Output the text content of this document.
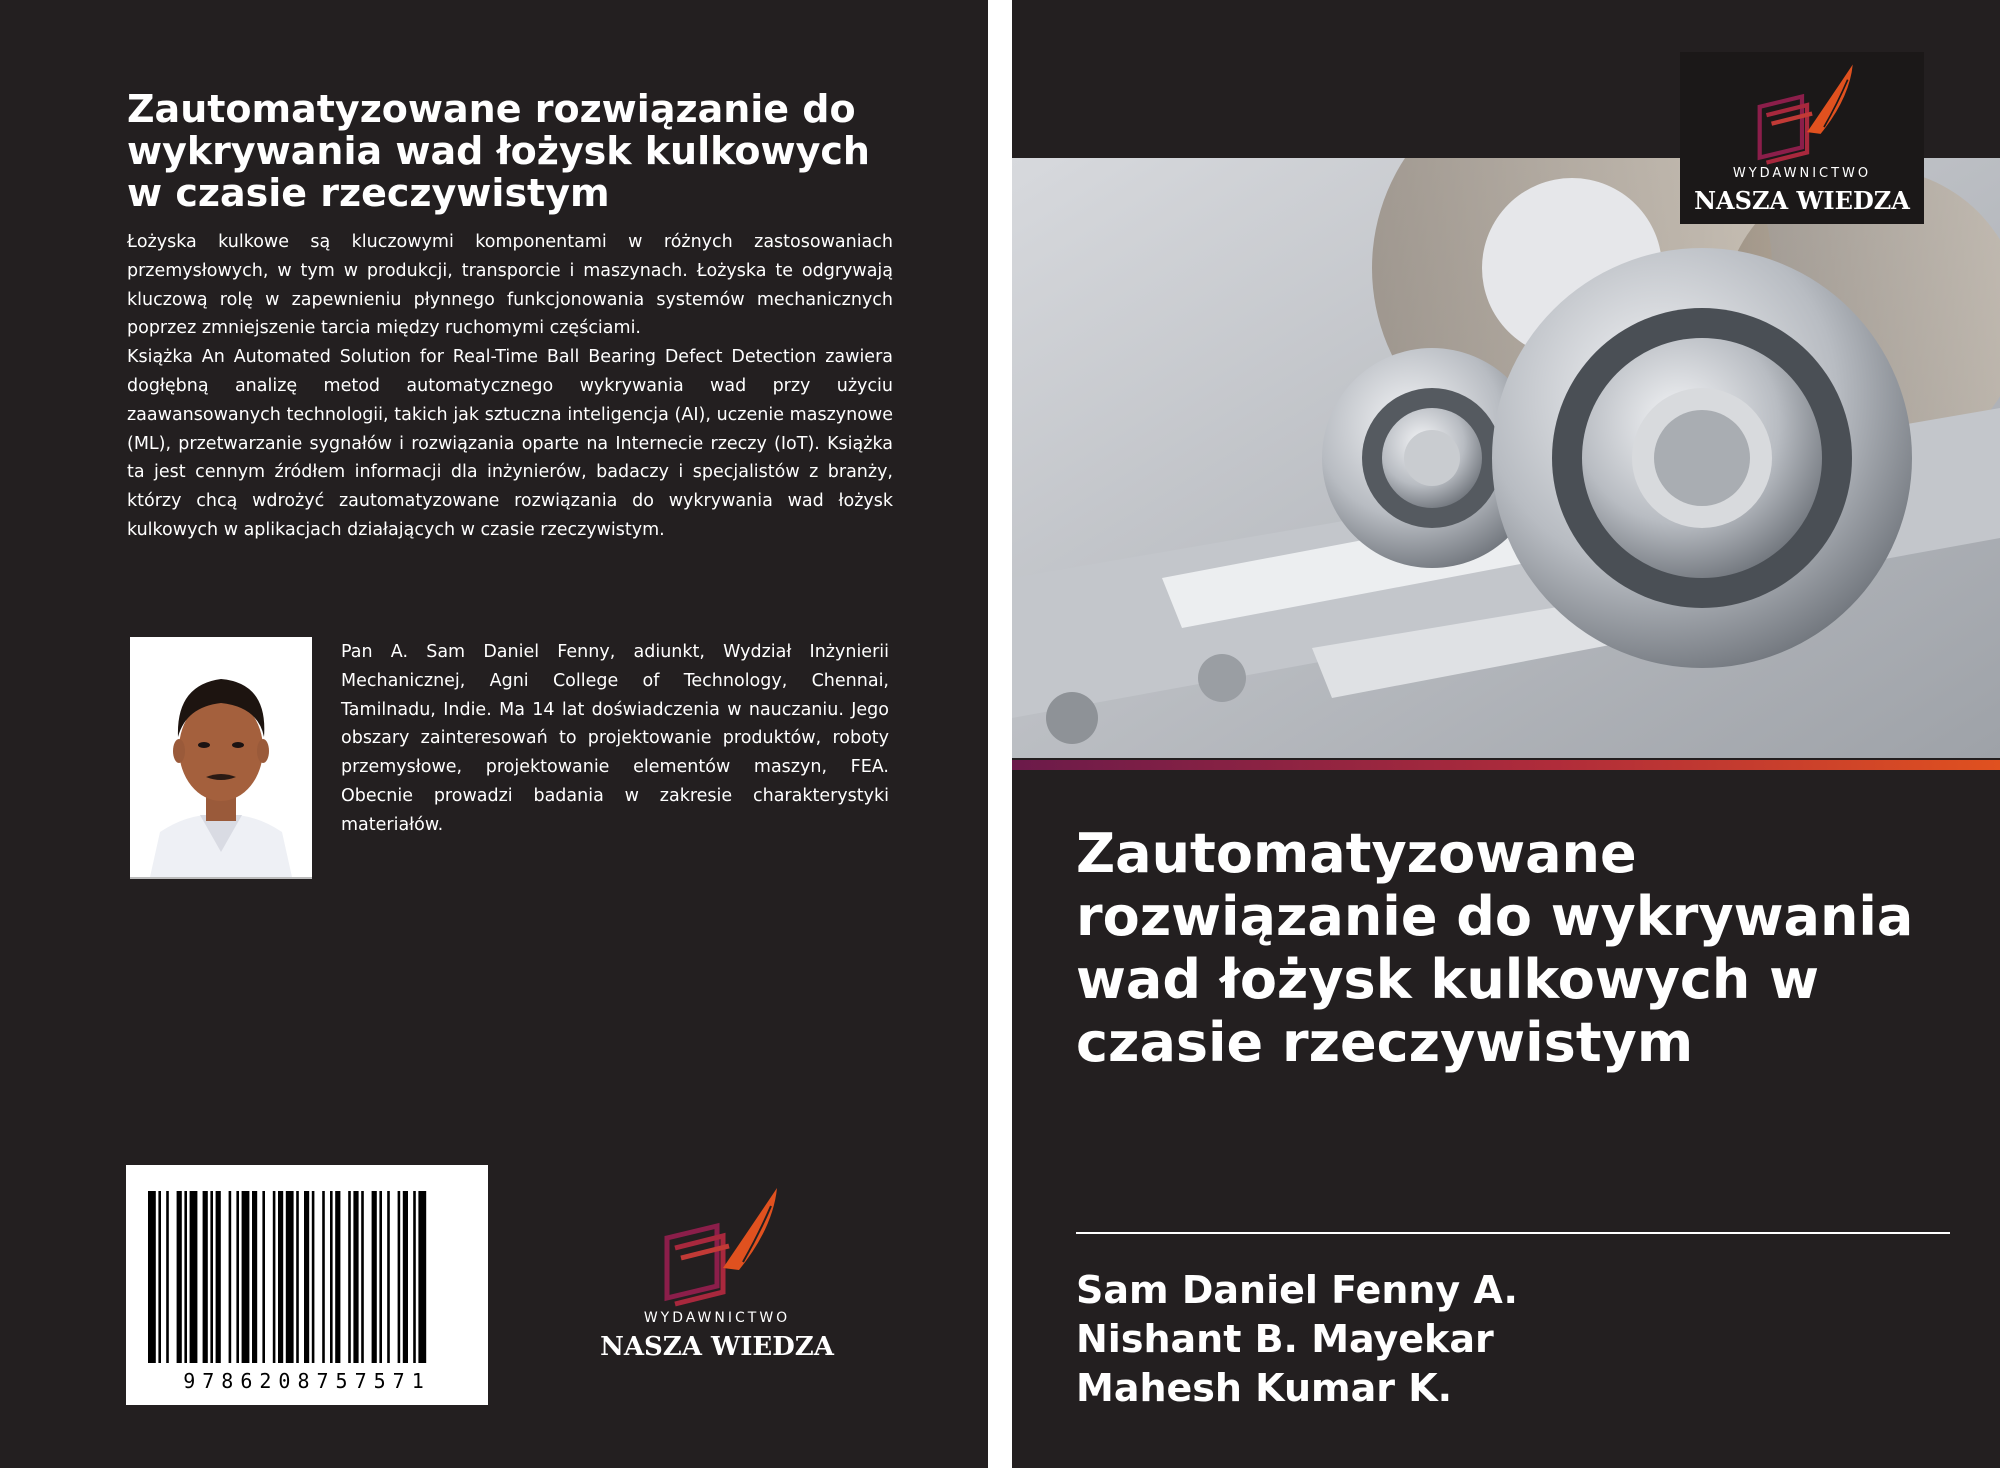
Zautomatyzowane rozwiązanie do wykrywania wad łożysk kulkowych w czasie rzeczywistym

Łożyska kulkowe są kluczowymi komponentami w różnych zastosowaniach przemysłowych, w tym w produkcji, transporcie i maszynach. Łożyska te odgrywają kluczową rolę w zapewnieniu płynnego funkcjonowania systemów mechanicznych poprzez zmniejszenie tarcia między ruchomymi częściami.

Książka An Automated Solution for Real-Time Ball Bearing Defect Detection zawiera dogłębną analizę metod automatycznego wykrywania wad przy użyciu zaawansowanych technologii, takich jak sztuczna inteligencja (AI), uczenie maszynowe (ML), przetwarzanie sygnałów i rozwiązania oparte na Internecie rzeczy (IoT). Książka ta jest cennym źródłem informacji dla inżynierów, badaczy i specjalistów z branży, którzy chcą wdrożyć zautomatyzowane rozwiązania do wykrywania wad łożysk kulkowych w aplikacjach działających w czasie rzeczywistym.

Pan A. Sam Daniel Fenny, adiunkt, Wydział Inżynierii Mechanicznej, Agni College of Technology, Chennai, Tamilnadu, Indie. Ma 14 lat doświadczenia w nauczaniu. Jego obszary zainteresowań to projektowanie produktów, roboty przemysłowe, projektowanie elementów maszyn, FEA. Obecnie prowadzi badania w zakresie charakterystyki materiałów.

9786208757571
WYDAWNICTWO
NASZA WIEDZA
WYDAWNICTWO
NASZA WIEDZA
Zautomatyzowane rozwiązanie do wykrywania wad łożysk kulkowych w czasie rzeczywistym
Sam Daniel Fenny A.
Nishant B. Mayekar
Mahesh Kumar K.
